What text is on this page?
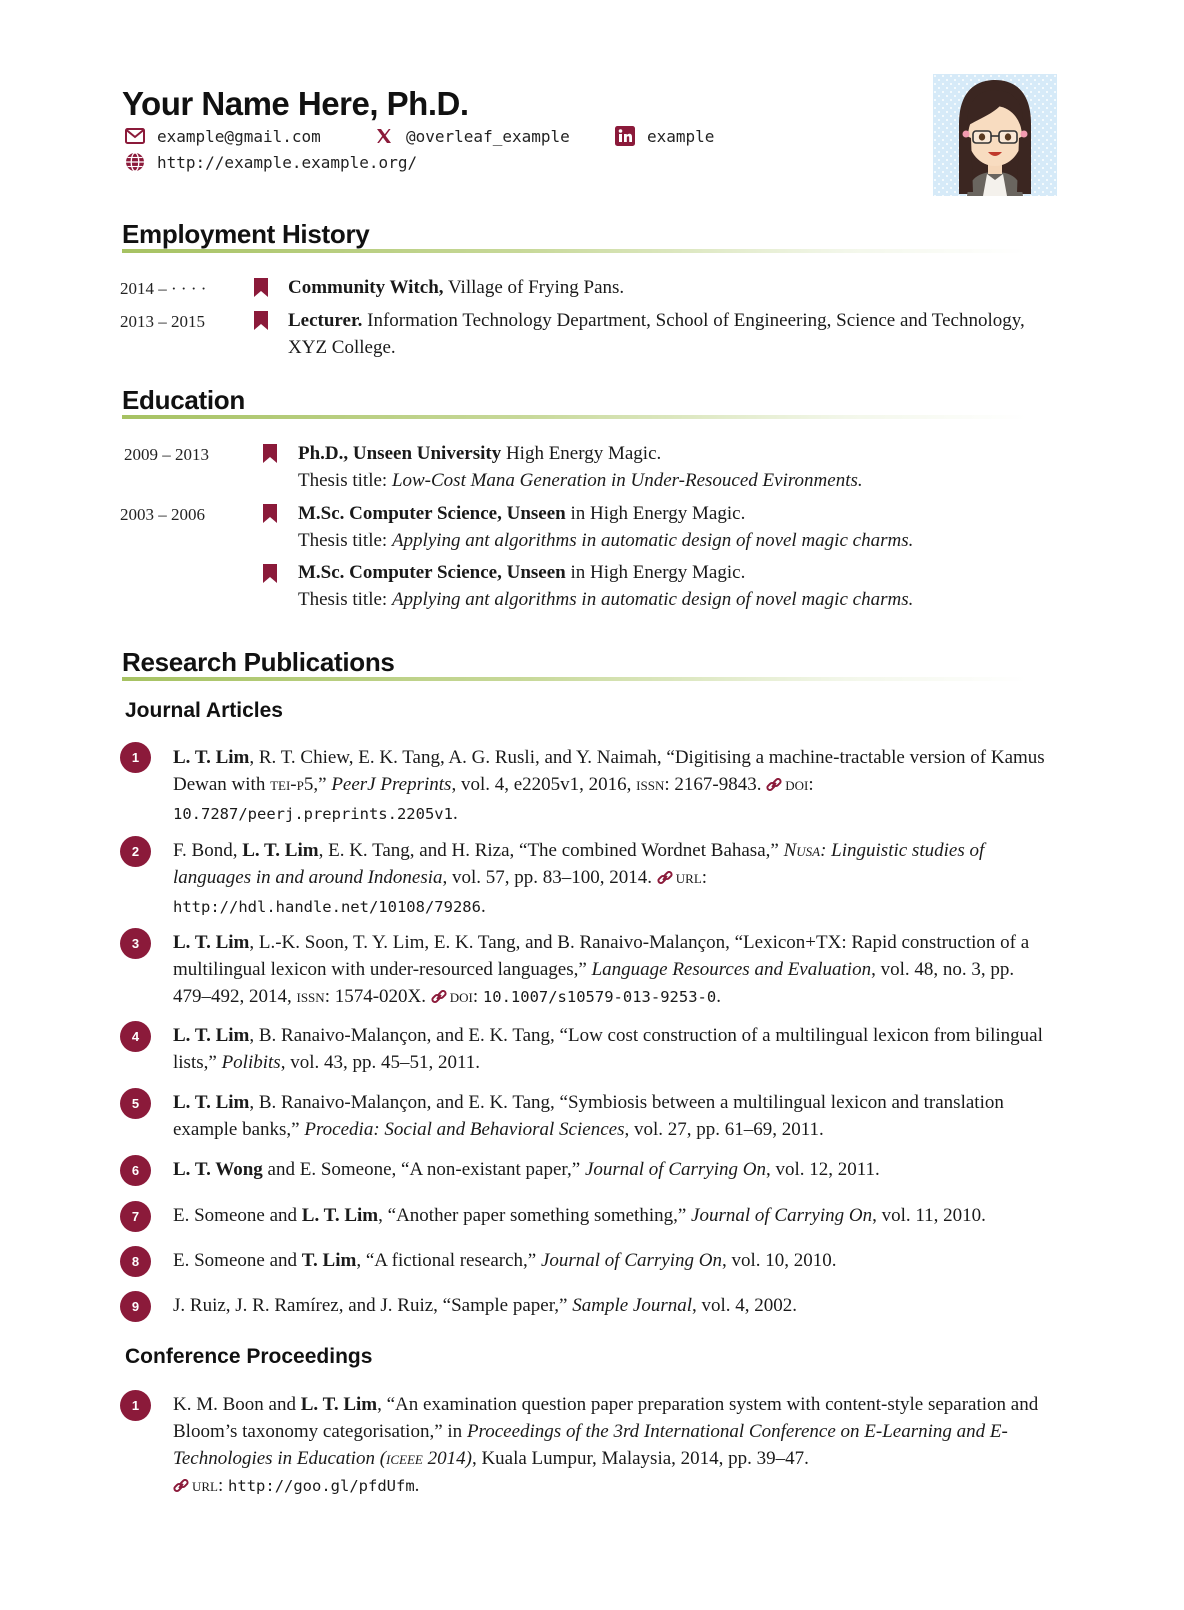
Your Name Here, Ph.D.
example@gmail.com	@overleaf_example	example
http://example.example.org/
Employment History
2014 – · · · ·	Community Witch, Village of Frying Pans.
2013 – 2015	Lecturer. Information Technology Department, School of Engineering, Science and Technology, XYZ College.
Education
2009 – 2013	Ph.D., Unseen University High Energy Magic.
Thesis title: Low-Cost Mana Generation in Under-Resouced Evironments.
2003 – 2006	M.Sc. Computer Science, Unseen in High Energy Magic.
Thesis title: Applying ant algorithms in automatic design of novel magic charms.
M.Sc. Computer Science, Unseen in High Energy Magic.
Thesis title: Applying ant algorithms in automatic design of novel magic charms.
Research Publications
Journal Articles
1	L. T. Lim, R. T. Chiew, E. K. Tang, A. G. Rusli, and Y. Naimah, “Digitising a machine-tractable version of Kamus Dewan with tei-p5,” PeerJ Preprints, vol. 4, e2205v1, 2016, issn: 2167-9843. doi: 10.7287/peerj.preprints.2205v1.
2	F. Bond, L. T. Lim, E. K. Tang, and H. Riza, “The combined Wordnet Bahasa,” Nusa: Linguistic studies of languages in and around Indonesia, vol. 57, pp. 83–100, 2014. url:
http://hdl.handle.net/10108/79286.
3	L. T. Lim, L.-K. Soon, T. Y. Lim, E. K. Tang, and B. Ranaivo-Malançon, “Lexicon+TX: Rapid construction of a multilingual lexicon with under-resourced languages,” Language Resources and Evaluation, vol. 48, no. 3, pp. 479–492, 2014, issn: 1574-020X. doi: 10.1007/s10579-013-9253-0.
4	L. T. Lim, B. Ranaivo-Malançon, and E. K. Tang, “Low cost construction of a multilingual lexicon from bilingual lists,” Polibits, vol. 43, pp. 45–51, 2011.
5	L. T. Lim, B. Ranaivo-Malançon, and E. K. Tang, “Symbiosis between a multilingual lexicon and translation example banks,” Procedia: Social and Behavioral Sciences, vol. 27, pp. 61–69, 2011.
6	L. T. Wong and E. Someone, “A non-existant paper,” Journal of Carrying On, vol. 12, 2011.
7	E. Someone and L. T. Lim, “Another paper something something,” Journal of Carrying On, vol. 11, 2010.
8	E. Someone and T. Lim, “A fictional research,” Journal of Carrying On, vol. 10, 2010.
9	J. Ruiz, J. R. Ramírez, and J. Ruiz, “Sample paper,” Sample Journal, vol. 4, 2002.
Conference Proceedings
1	K. M. Boon and L. T. Lim, “An examination question paper preparation system with content-style separation and Bloom’s taxonomy categorisation,” in Proceedings of the 3rd International Conference on E-Learning and E-Technologies in Education (iceee 2014), Kuala Lumpur, Malaysia, 2014, pp. 39–47.
url: http://goo.gl/pfdUfm.
